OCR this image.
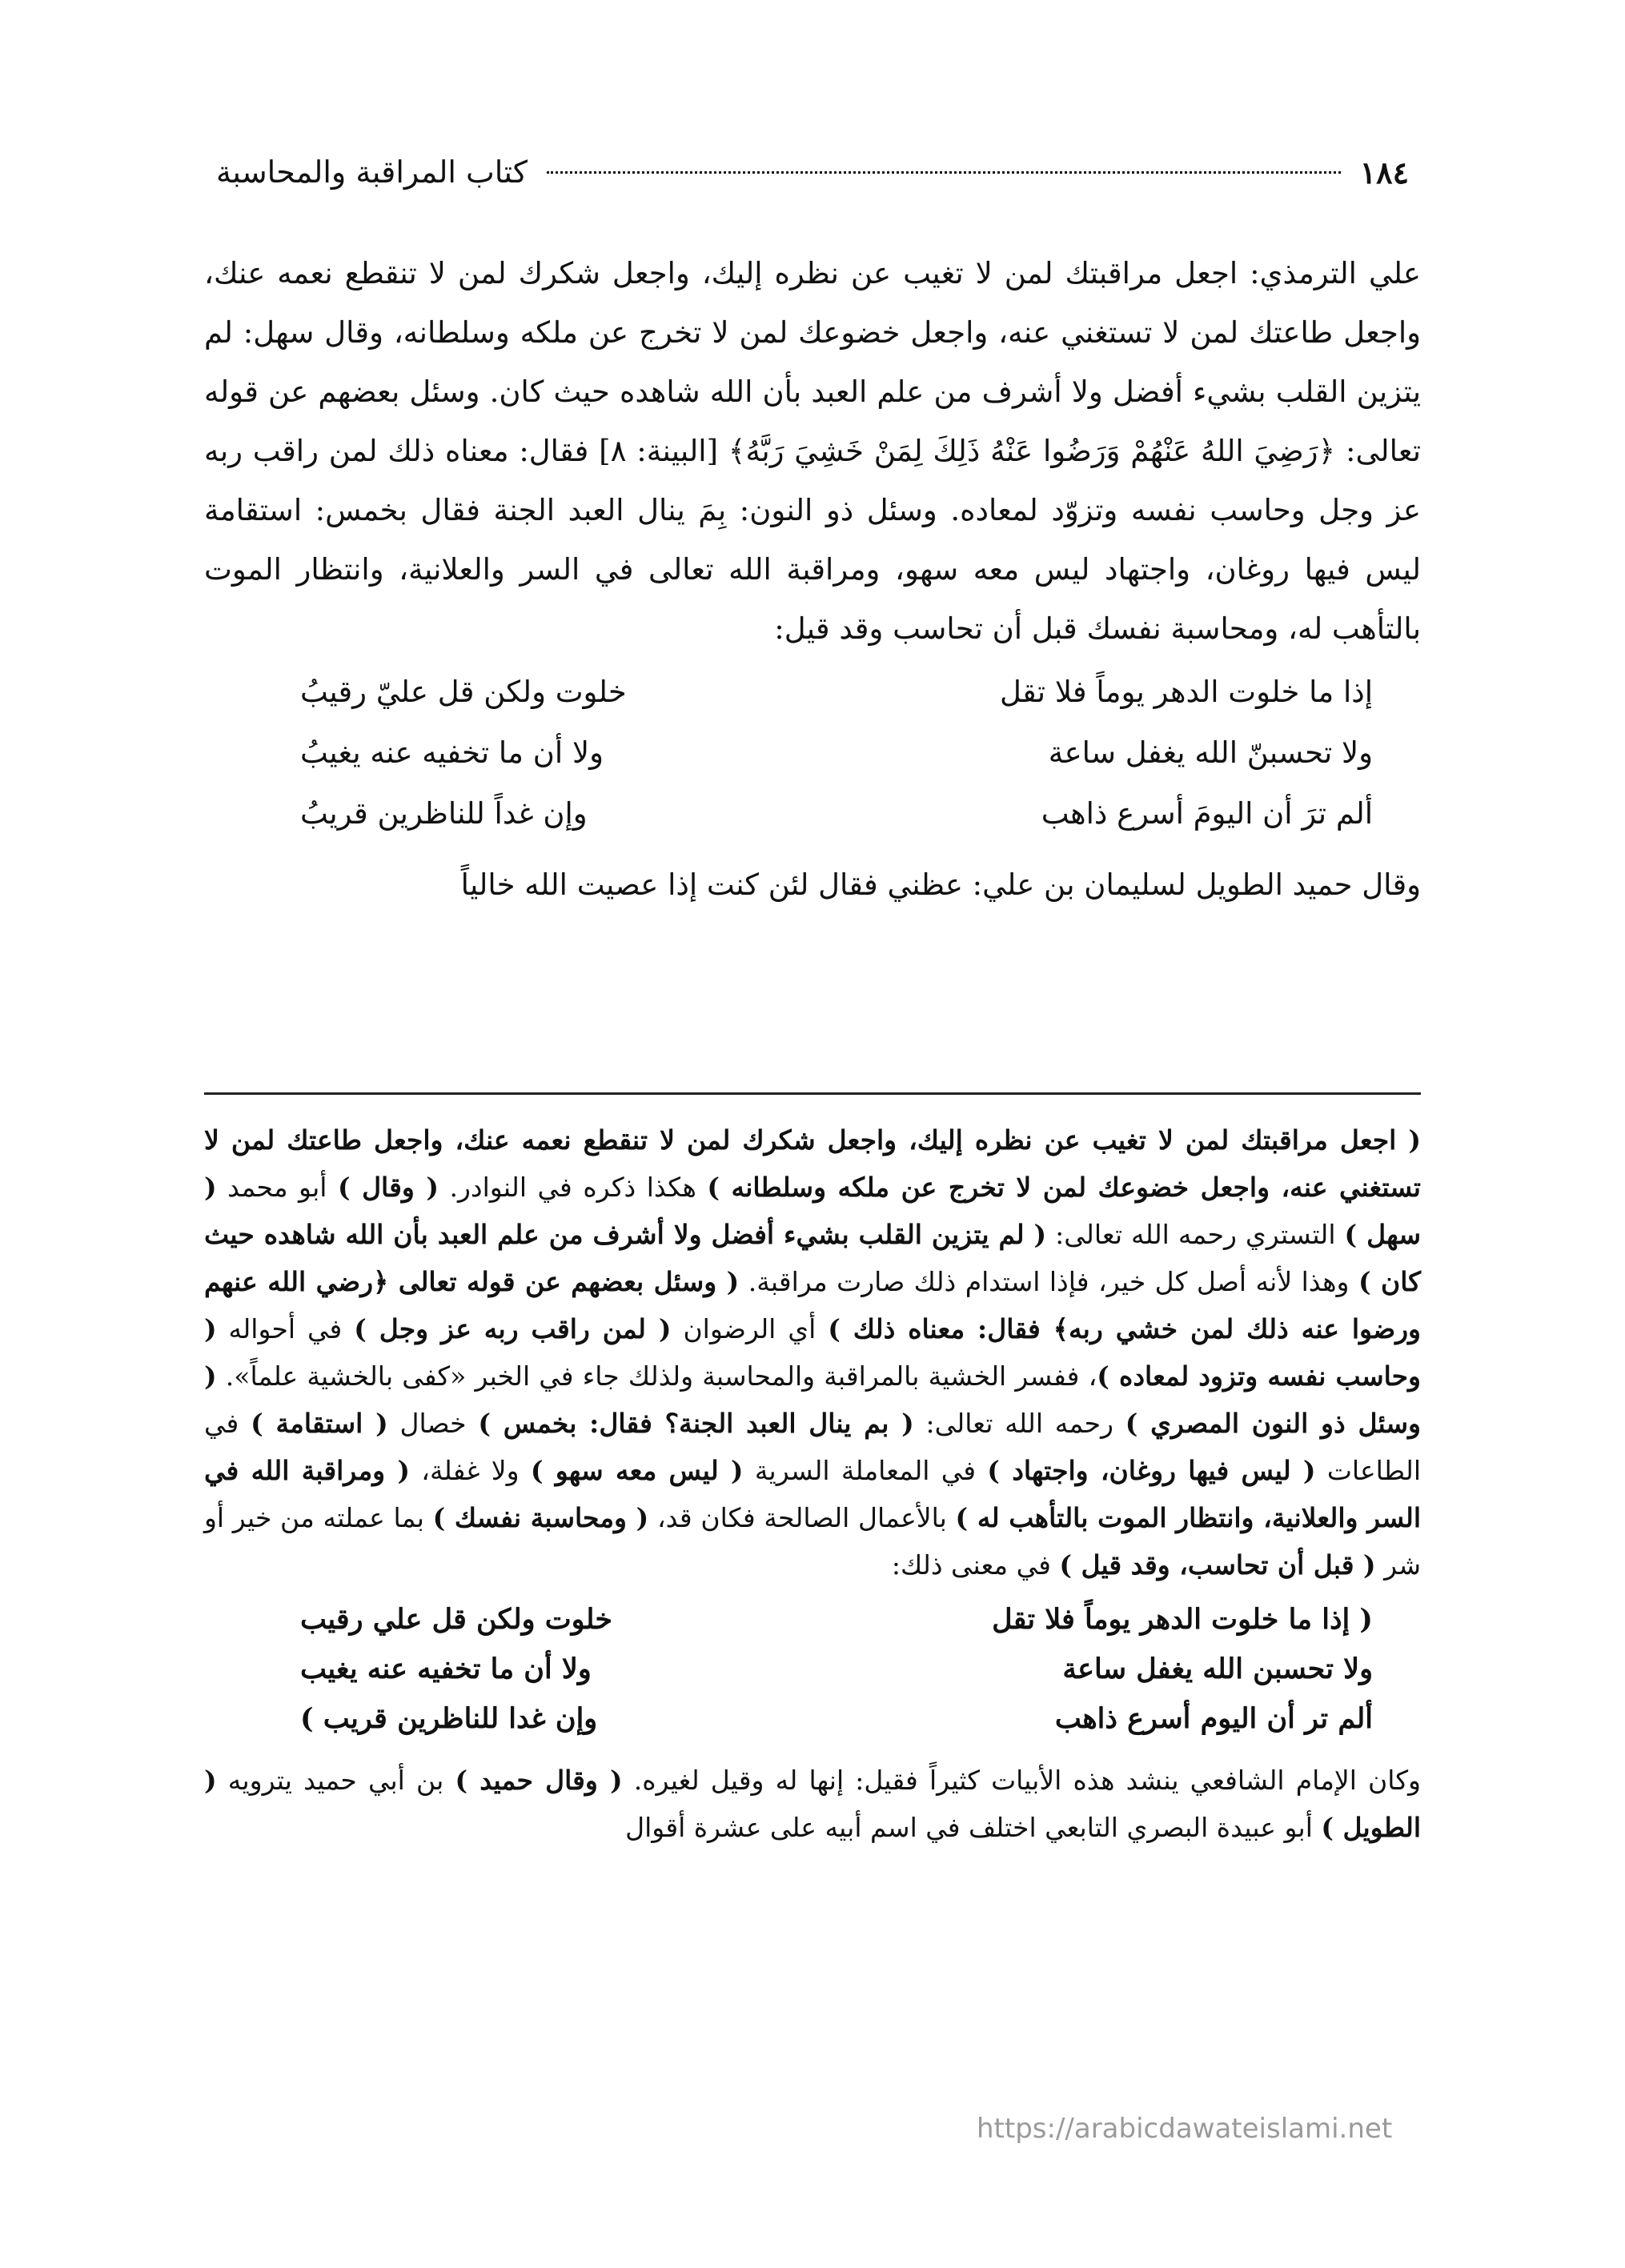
١٨٤
كتاب المراقبة والمحاسبة

علي الترمذي: اجعل مراقبتك لمن لا تغيب عن نظره إليك، واجعل شكرك لمن لا تنقطع نعمه عنك، واجعل طاعتك لمن لا تستغني عنه، واجعل خضوعك لمن لا تخرج عن ملكه وسلطانه، وقال سهل: لم يتزين القلب بشيء أفضل ولا أشرف من علم العبد بأن الله شاهده حيث كان. وسئل بعضهم عن قوله تعالى: ﴿رَضِيَ اللهُ عَنْهُمْ وَرَضُوا عَنْهُ ذَلِكَ لِمَنْ خَشِيَ رَبَّهُ﴾ [البينة: ٨] فقال: معناه ذلك لمن راقب ربه عز وجل وحاسب نفسه وتزوّد لمعاده. وسئل ذو النون: بِمَ ينال العبد الجنة فقال بخمس: استقامة ليس فيها روغان، واجتهاد ليس معه سهو، ومراقبة الله تعالى في السر والعلانية، وانتظار الموت بالتأهب له، ومحاسبة نفسك قبل أن تحاسب وقد قيل:

إذا ما خلوت الدهر يوماً فلا تقل
خلوت ولكن قل عليّ رقيبُ
ولا تحسبنّ الله يغفل ساعة
ولا أن ما تخفيه عنه يغيبُ
ألم ترَ أن اليومَ أسرع ذاهب
وإن غداً للناظرين قريبُ

وقال حميد الطويل لسليمان بن علي: عظني فقال لئن كنت إذا عصيت الله خالياً

( اجعل مراقبتك لمن لا تغيب عن نظره إليك، واجعل شكرك لمن لا تنقطع نعمه عنك، واجعل طاعتك لمن لا تستغني عنه، واجعل خضوعك لمن لا تخرج عن ملكه وسلطانه ) هكذا ذكره في النوادر. ( وقال ) أبو محمد ( سهل ) التستري رحمه الله تعالى: ( لم يتزين القلب بشيء أفضل ولا أشرف من علم العبد بأن الله شاهده حيث كان ) وهذا لأنه أصل كل خير، فإذا استدام ذلك صارت مراقبة. ( وسئل بعضهم عن قوله تعالى ﴿رضي الله عنهم ورضوا عنه ذلك لمن خشي ربه﴾ فقال: معناه ذلك ) أي الرضوان ( لمن راقب ربه عز وجل ) في أحواله ( وحاسب نفسه وتزود لمعاده )، ففسر الخشية بالمراقبة والمحاسبة ولذلك جاء في الخبر «كفى بالخشية علماً». ( وسئل ذو النون المصري ) رحمه الله تعالى: ( بم ينال العبد الجنة؟ فقال: بخمس ) خصال ( استقامة ) في الطاعات ( ليس فيها روغان، واجتهاد ) في المعاملة السرية ( ليس معه سهو ) ولا غفلة، ( ومراقبة الله في السر والعلانية، وانتظار الموت بالتأهب له ) بالأعمال الصالحة فكان قد، ( ومحاسبة نفسك ) بما عملته من خير أو شر ( قبل أن تحاسب، وقد قيل ) في معنى ذلك:

( إذا ما خلوت الدهر يوماً فلا تقل
خلوت ولكن قل علي رقيب
ولا تحسبن الله يغفل ساعة
ولا أن ما تخفيه عنه يغيب
ألم تر أن اليوم أسرع ذاهب
وإن غدا للناظرين قريب )

وكان الإمام الشافعي ينشد هذه الأبيات كثيراً فقيل: إنها له وقيل لغيره. ( وقال حميد ) بن أبي حميد يترويه ( الطويل ) أبو عبيدة البصري التابعي اختلف في اسم أبيه على عشرة أقوال

https://arabicdawateislami.net
